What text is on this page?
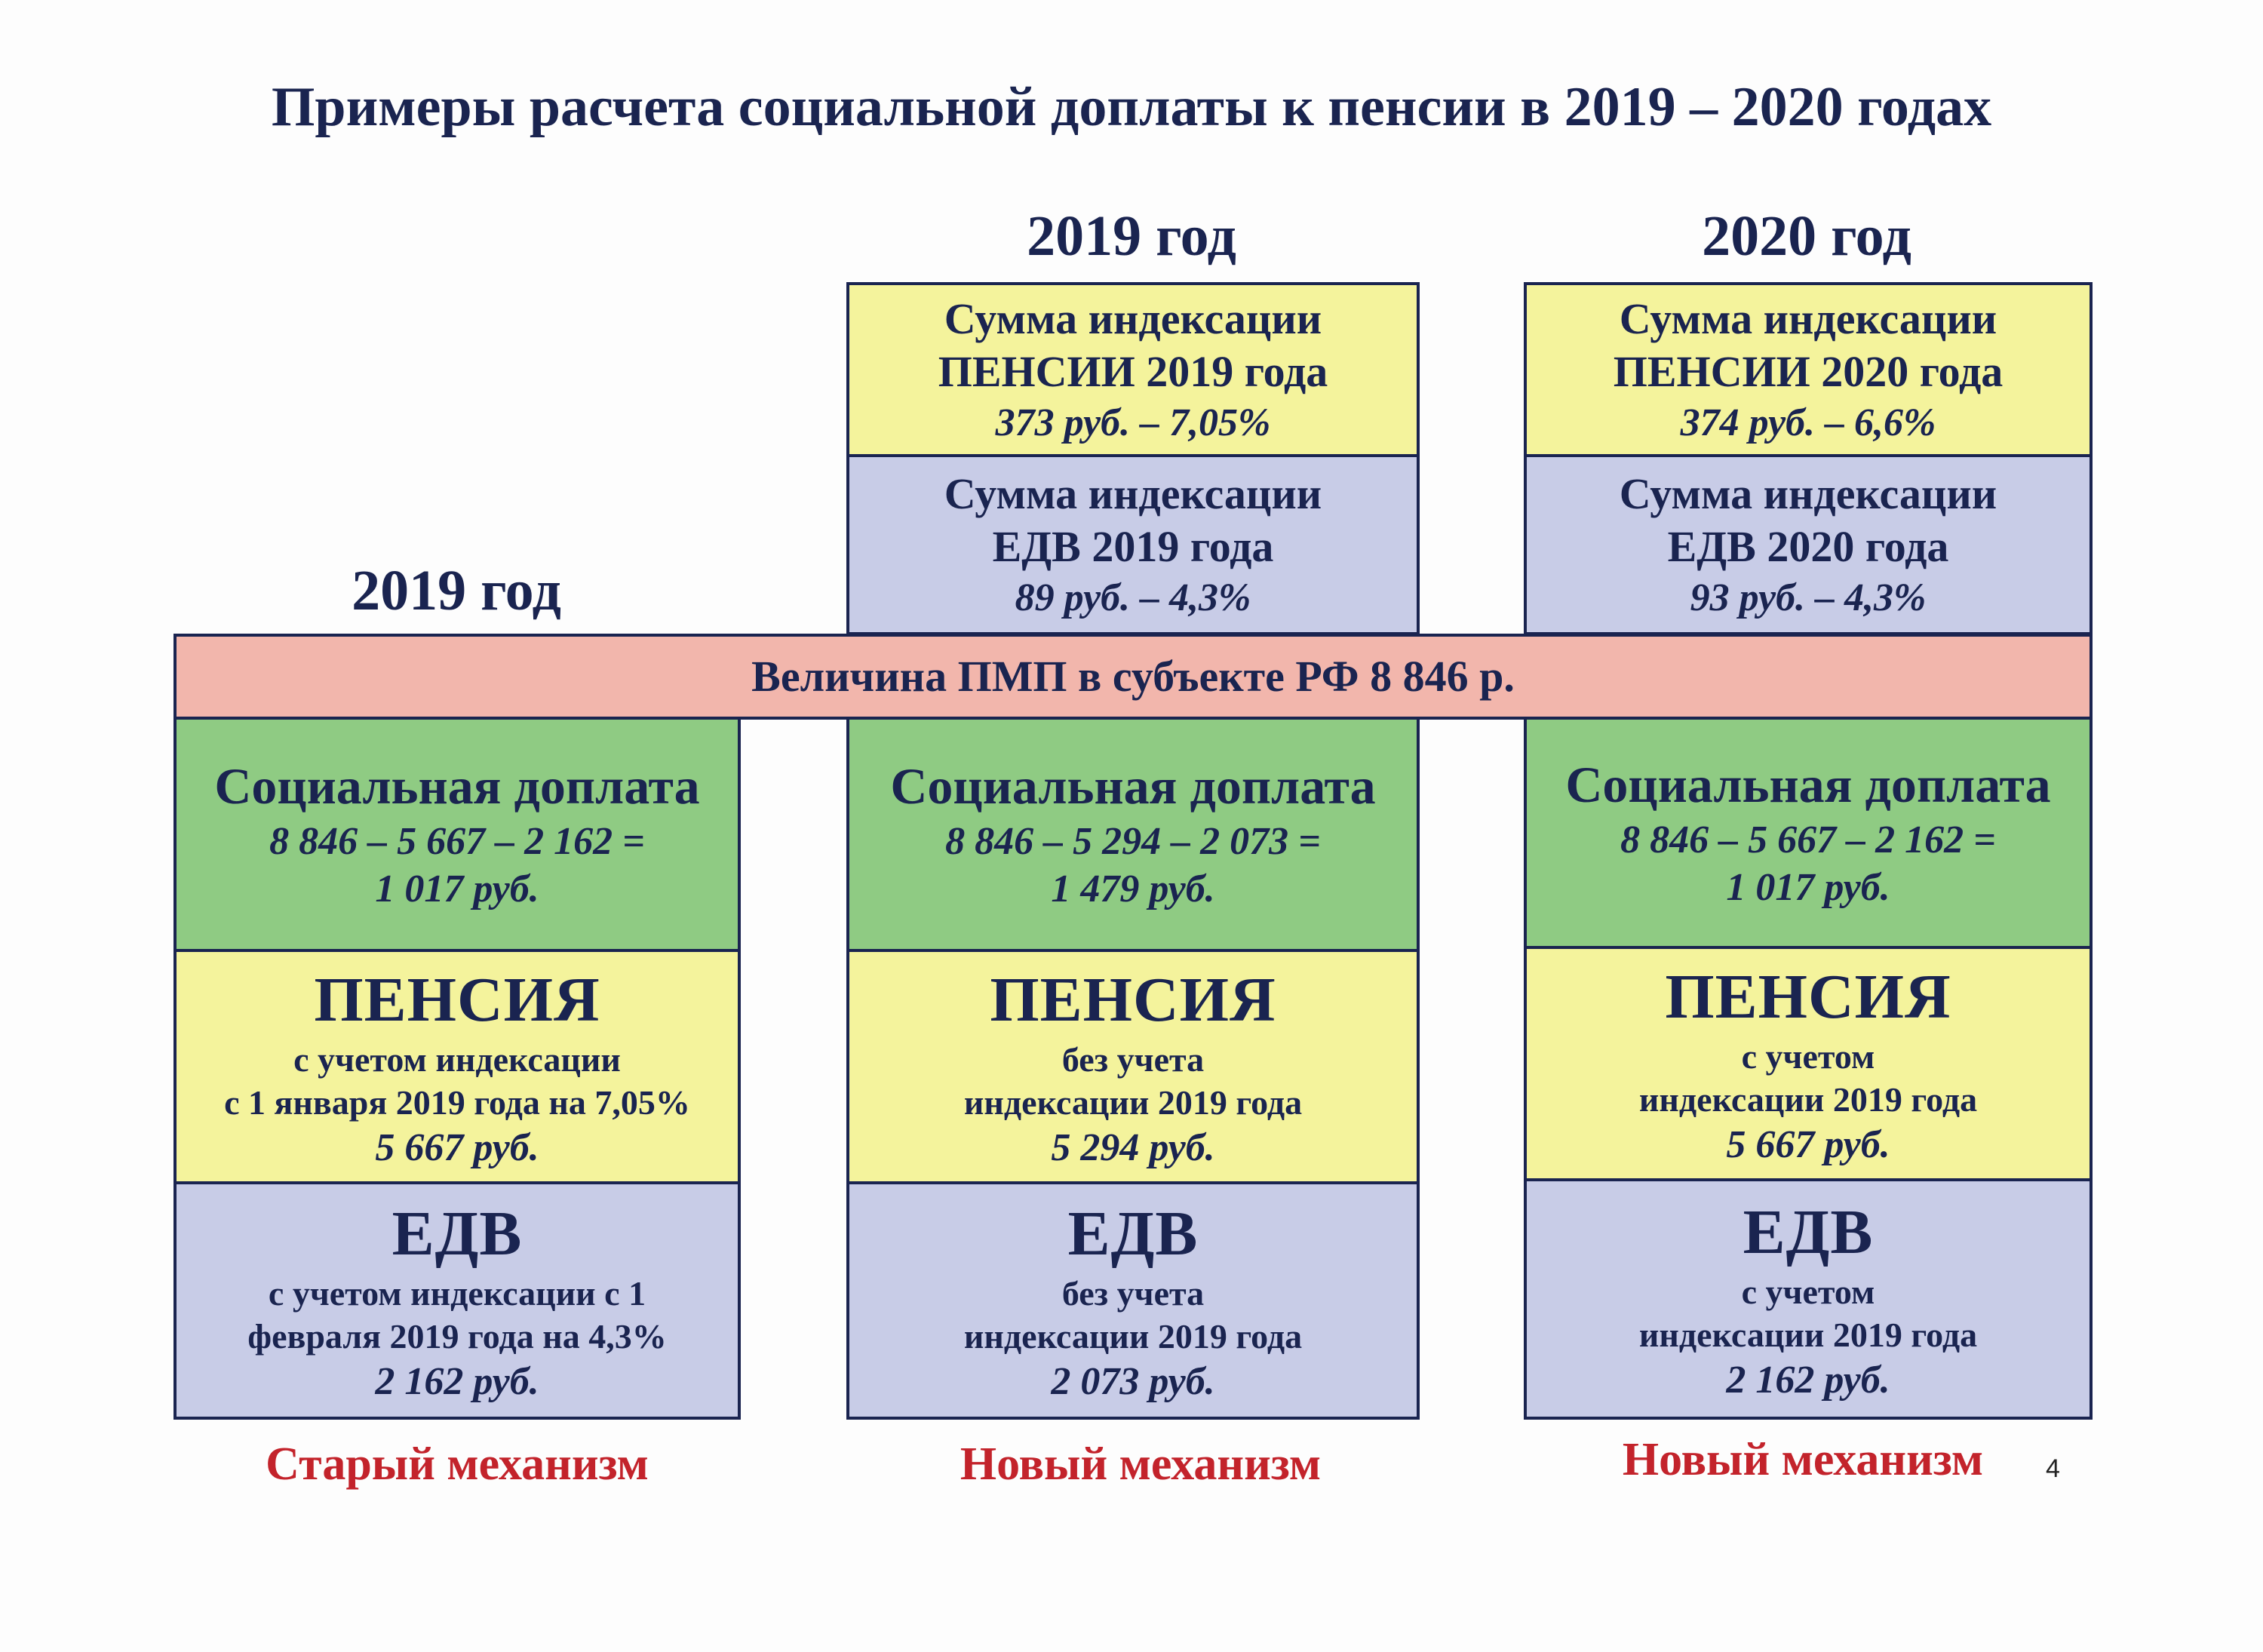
Примеры расчета социальной доплаты к пенсии в 2019 – 2020 годах
2019 год
2019 год	2020 год
Сумма индексации
ПЕНСИИ 2019 года
373 руб. – 7,05%
Сумма индексации
ЕДВ 2019 года
89 руб. – 4,3%
Сумма индексации
ПЕНСИИ 2020 года
374 руб. – 6,6%
Сумма индексации
ЕДВ 2020 года
93 руб. – 4,3%
Величина ПМП в субъекте РФ 8 846 р.
Социальная доплата
8 846 – 5 667 – 2 162 =
1 017 руб.
ПЕНСИЯ
с учетом индексации
с 1 января 2019 года на 7,05%
5 667 руб.
ЕДВ
с учетом индексации с 1
февраля 2019 года на 4,3%
2 162 руб.
Социальная доплата
8 846 – 5 294 – 2 073 =
1 479 руб.
ПЕНСИЯ
без учета
индексации 2019 года
5 294 руб.
ЕДВ
без учета
индексации 2019 года
2 073 руб.
Социальная доплата
8 846 – 5 667 – 2 162 =
1 017 руб.
ПЕНСИЯ
с учетом
индексации 2019 года
5 667 руб.
ЕДВ
с учетом
индексации 2019 года
2 162 руб.
Старый механизм	Новый механизм	Новый механизм	4
